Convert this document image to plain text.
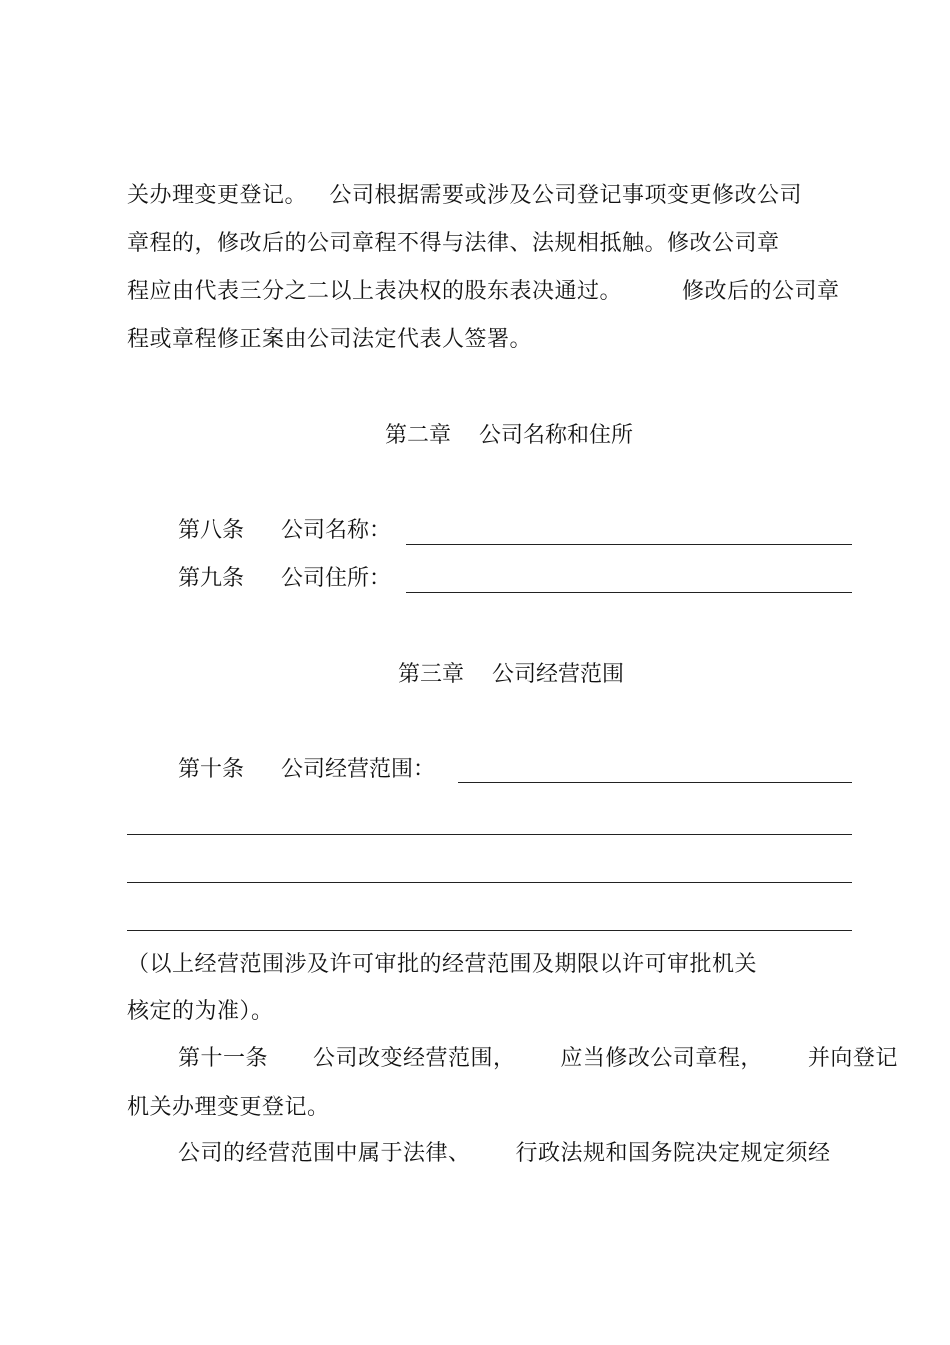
关办理变更登记。   公司根据需要或涉及公司登记事项变更修改公司
章程的，修改后的公司章程不得与法律、法规相抵触。修改公司章
程应由代表三分之二以上表决权的股东表决通过。        修改后的公司章
程或章程修正案由公司法定代表人签署。
第二章    公司名称和住所
第八条 公司名称：
第九条 公司住所：
第三章    公司经营范围
第十条 公司经营范围：
（以上经营范围涉及许可审批的经营范围及期限以许可审批机关
核定的为准）。
第十一条      公司改变经营范围，      应当修改公司章程，      并向登记
机关办理变更登记。
公司的经营范围中属于法律、      行政法规和国务院决定规定须经
